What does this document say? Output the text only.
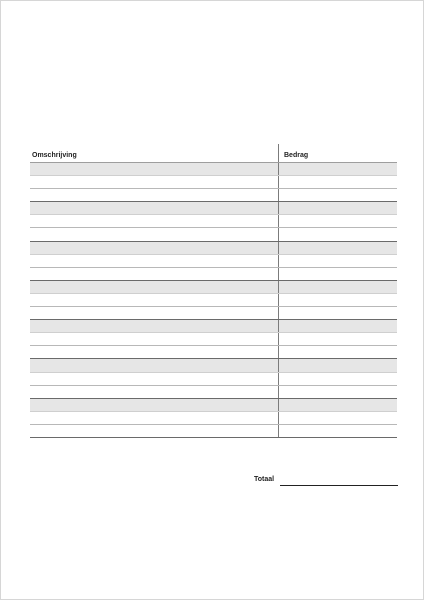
Omschrijving	Bedrag
Totaal
